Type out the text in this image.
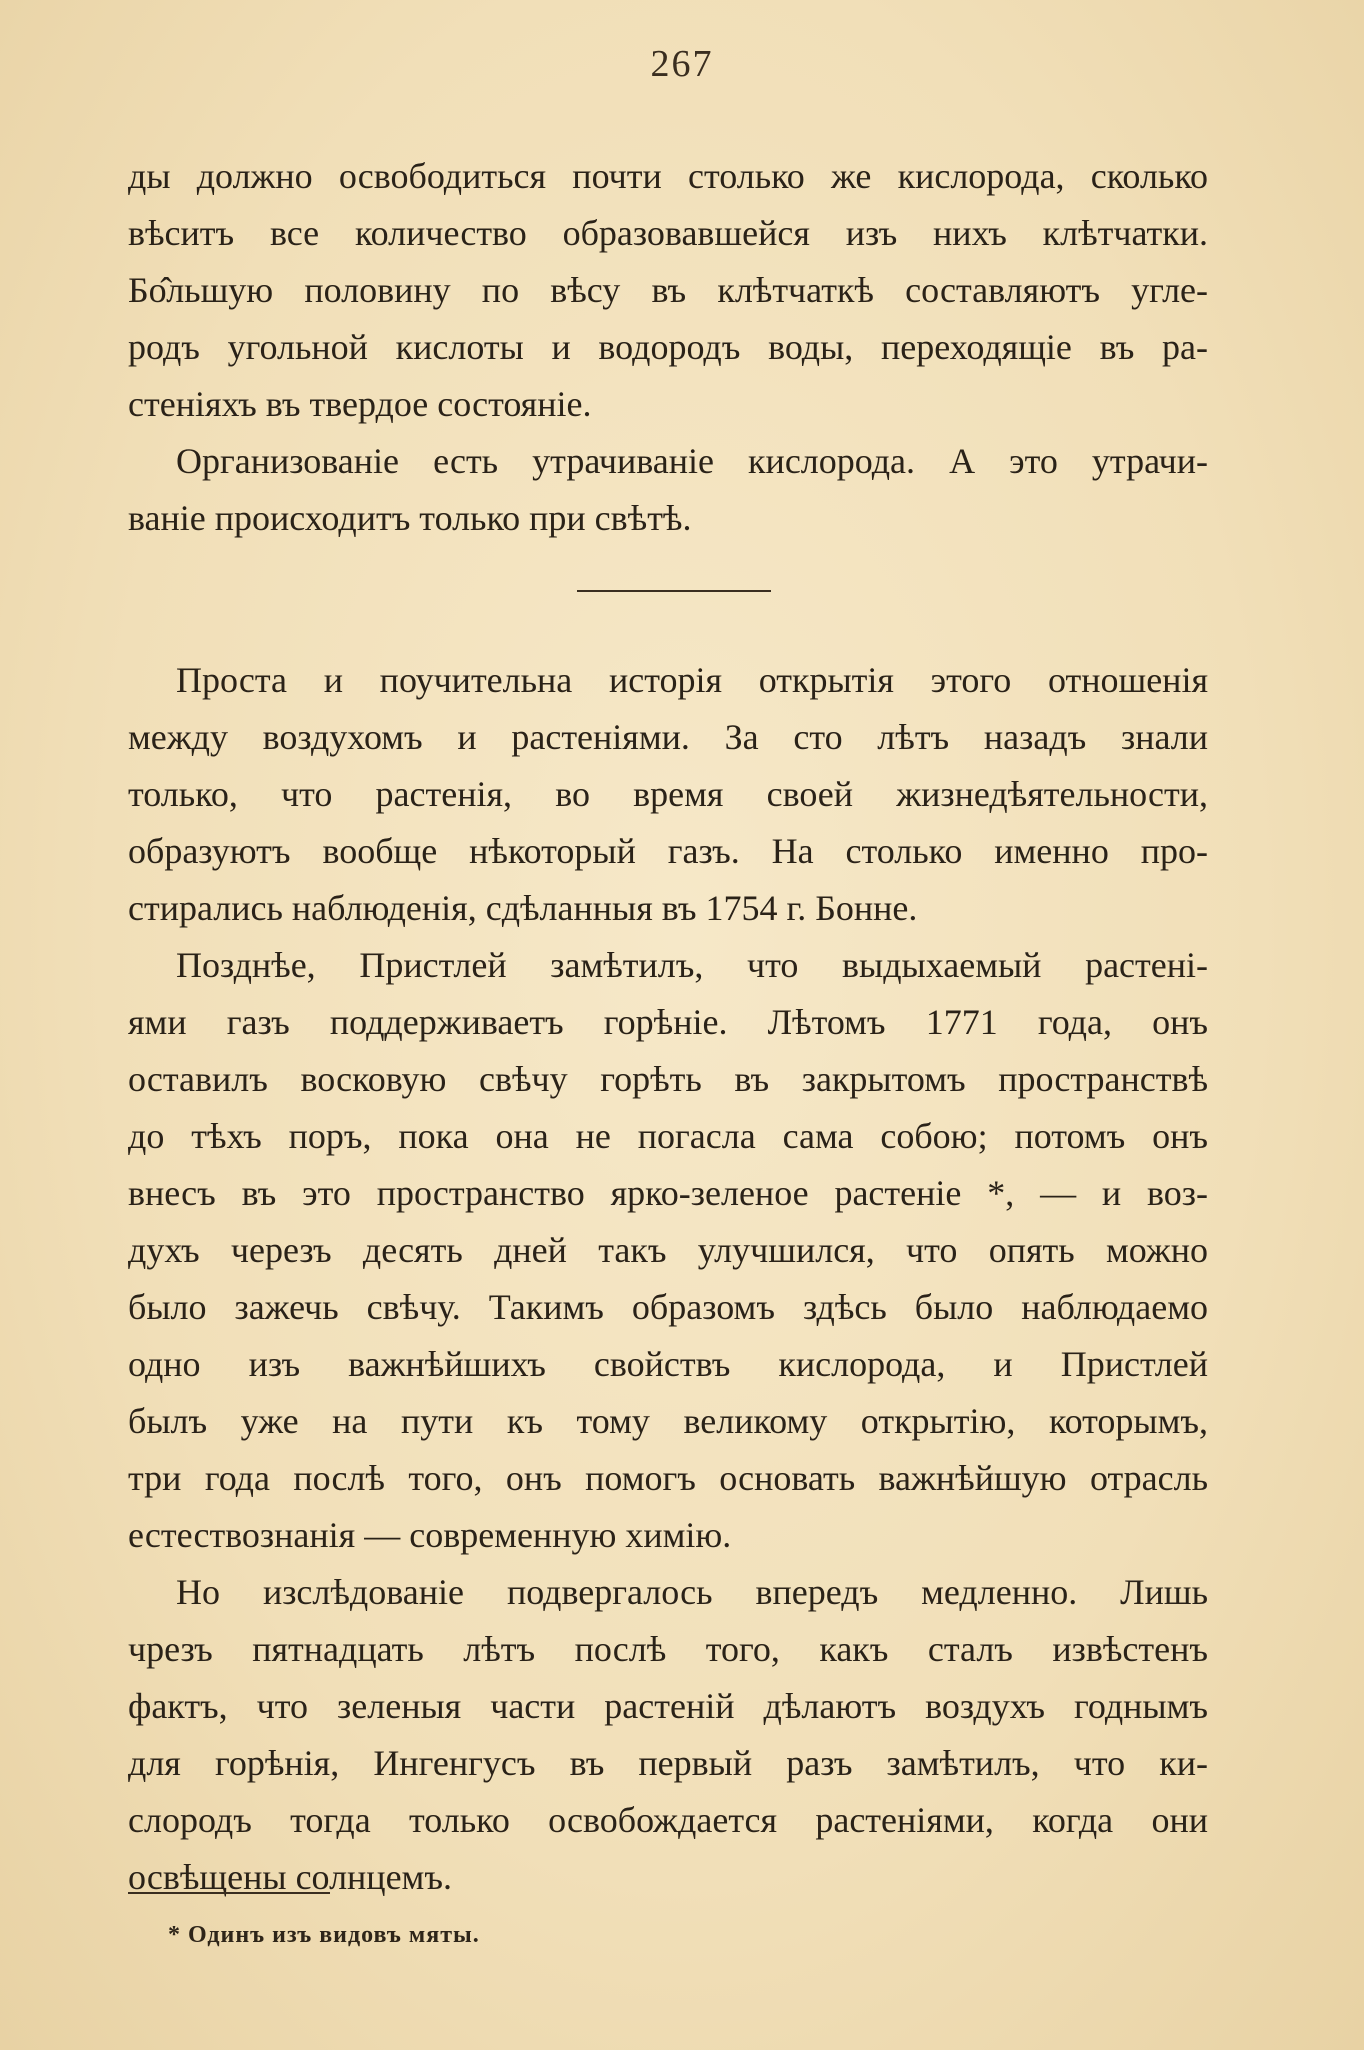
267
ды должно освободиться почти столько же кислорода, сколько
вѣситъ все количество образовавшейся изъ нихъ клѣтчатки.
Бо̂льшую половину по вѣсу въ клѣтчаткѣ составляютъ угле-
родъ угольной кислоты и водородъ воды, переходящіе въ ра-
стеніяхъ въ твердое состояніе.
Организованіе есть утрачиваніе кислорода. А это утрачи-
ваніе происходитъ только при свѣтѣ.
Проста и поучительна исторія открытія этого отношенія
между воздухомъ и растеніями. За сто лѣтъ назадъ знали
только, что растенія, во время своей жизнедѣятельности,
образуютъ вообще нѣкоторый газъ. На столько именно про-
стирались наблюденія, сдѣланныя въ 1754 г. Бонне.
Позднѣе, Пристлей замѣтилъ, что выдыхаемый растені-
ями газъ поддерживаетъ горѣніе. Лѣтомъ 1771 года, онъ
оставилъ восковую свѣчу горѣть въ закрытомъ пространствѣ
до тѣхъ поръ, пока она не погасла сама собою; потомъ онъ
внесъ въ это пространство ярко-зеленое растеніе *, — и воз-
духъ черезъ десять дней такъ улучшился, что опять можно
было зажечь свѣчу. Такимъ образомъ здѣсь было наблюдаемо
одно изъ важнѣйшихъ свойствъ кислорода, и Пристлей
былъ уже на пути къ тому великому открытію, которымъ,
три года послѣ того, онъ помогъ основать важнѣйшую отрасль
естествознанія — современную химію.
Но изслѣдованіе подвергалось впередъ медленно. Лишь
чрезъ пятнадцать лѣтъ послѣ того, какъ сталъ извѣстенъ
фактъ, что зеленыя части растеній дѣлаютъ воздухъ годнымъ
для горѣнія, Ингенгусъ въ первый разъ замѣтилъ, что ки-
слородъ тогда только освобождается растеніями, когда они
освѣщены солнцемъ.
* Одинъ изъ видовъ мяты.
